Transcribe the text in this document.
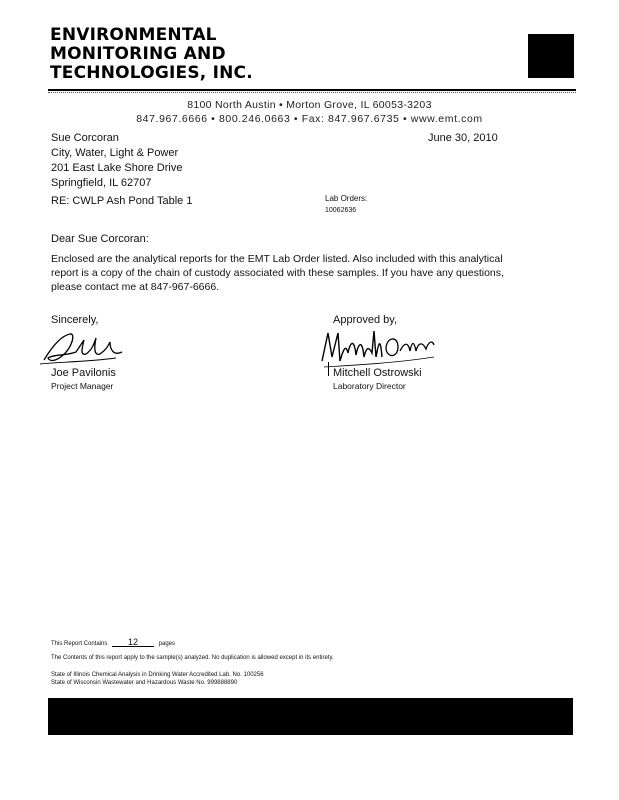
ENVIRONMENTAL
MONITORING AND
TECHNOLOGIES, INC.
8100 North Austin • Morton Grove, IL 60053-3203
847.967.6666 • 800.246.0663 • Fax: 847.967.6735 • www.emt.com
Sue Corcoran
City, Water, Light & Power
201 East Lake Shore Drive
Springfield, IL 62707
June 30, 2010
RE: CWLP Ash Pond Table 1	Lab Orders:
10062636
Dear Sue Corcoran:
Enclosed are the analytical reports for the EMT Lab Order listed. Also included with this analytical report is a copy of the chain of custody associated with these samples. If you have any questions, please contact me at 847-967-6666.
Sincerely,	Approved by,
Joe Pavilonis
Project Manager
Mitchell Ostrowski
Laboratory Director
This Report Contains 12	pages
The Contents of this report apply to the sample(s) analyzed. No duplication is allowed except in its entirety.
State of Illinois Chemical Analysis in Drinking Water Accredited Lab. No. 100256
State of Wisconsin Wastewater and Hazardous Waste No. 999888890
